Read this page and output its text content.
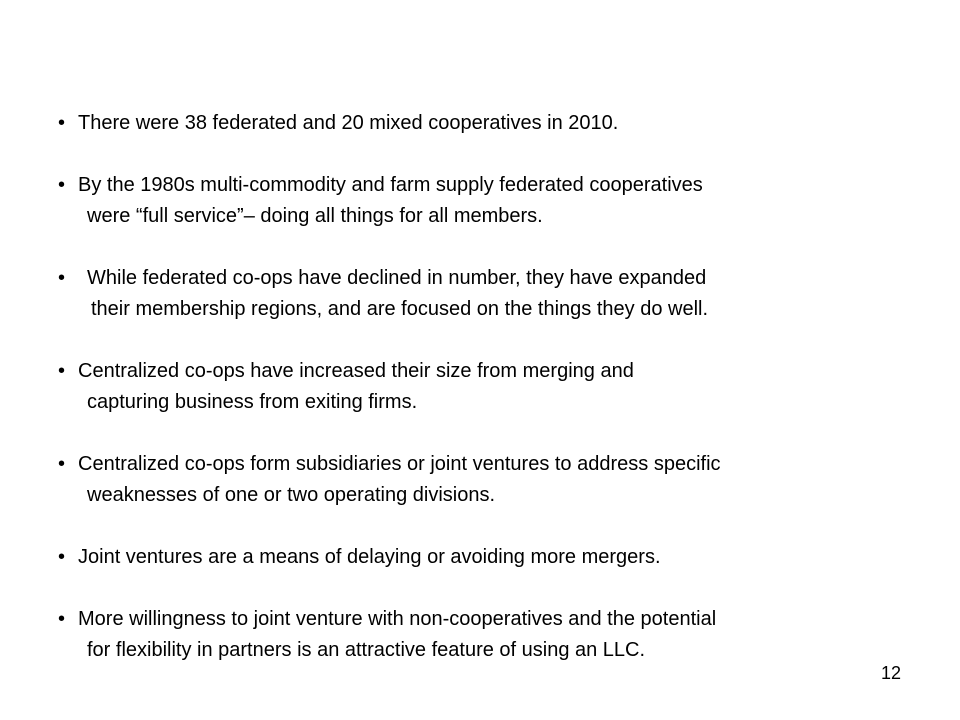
• There were 38 federated and 20 mixed cooperatives in 2010.
• By the 1980s multi-commodity and farm supply federated cooperatives
were “full service”– doing all things for all members.
•	While federated co-ops have declined in number, they have expanded
their membership regions, and are focused on the things they do well.
• Centralized co-ops have increased their size from merging and
capturing business from exiting firms.
• Centralized co-ops form subsidiaries or joint ventures to address specific
weaknesses of one or two operating divisions.
• Joint ventures are a means of delaying or avoiding more mergers.
• More willingness to joint venture with non-cooperatives and the potential
for flexibility in partners is an attractive feature of using an LLC.
12
